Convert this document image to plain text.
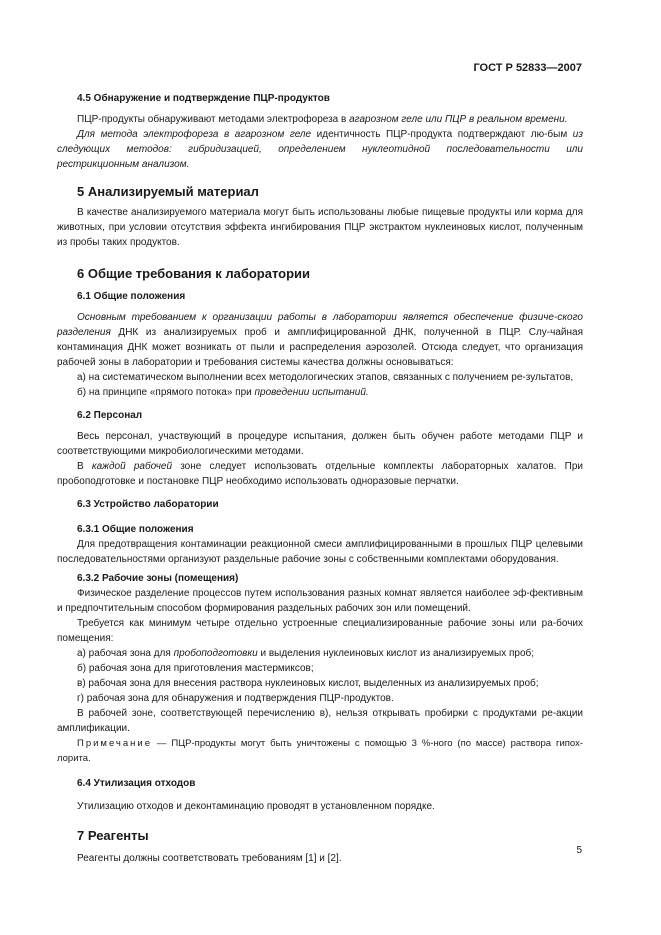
ГОСТ Р 52833—2007
4.5 Обнаружение и подтверждение ПЦР-продуктов

ПЦР-продукты обнаруживают методами электрофореза в агарозном геле или ПЦР в реальном времени.

Для метода электрофореза в агарозном геле идентичность ПЦР-продукта подтверждают лю-бым из следующих методов: гибридизацией, определением нуклеотидной последовательности или рестрикционным анализом.

5 Анализируемый материал

В качестве анализируемого материала могут быть использованы любые пищевые продукты или корма для животных, при условии отсутствия эффекта ингибирования ПЦР экстрактом нуклеиновых кислот, полученным из пробы таких продуктов.

6 Общие требования к лаборатории
6.1 Общие положения

Основным требованием к организации работы в лаборатории является обеспечение физиче-ского разделения ДНК из анализируемых проб и амплифицированной ДНК, полученной в ПЦР. Слу-чайная контаминация ДНК может возникать от пыли и распределения аэрозолей. Отсюда следует, что организация рабочей зоны в лаборатории и требования системы качества должны основываться:

а) на систематическом выполнении всех методологических этапов, связанных с получением ре-зультатов,

б) на принципе «прямого потока» при проведении испытаний.

6.2 Персонал

Весь персонал, участвующий в процедуре испытания, должен быть обучен работе методами ПЦР и соответствующими микробиологическими методами.

В каждой рабочей зоне следует использовать отдельные комплекты лабораторных халатов. При пробоподготовке и постановке ПЦР необходимо использовать одноразовые перчатки.

6.3 Устройство лаборатории
6.3.1 Общие положения

Для предотвращения контаминации реакционной смеси амплифицированными в прошлых ПЦР целевыми последовательностями организуют раздельные рабочие зоны с собственными комплектами оборудования.

6.3.2 Рабочие зоны (помещения)

Физическое разделение процессов путем использования разных комнат является наиболее эф-фективным и предпочтительным способом формирования раздельных рабочих зон или помещений.

Требуется как минимум четыре отдельно устроенные специализированные рабочие зоны или ра-бочих помещения:

а) рабочая зона для пробоподготовки и выделения нуклеиновых кислот из анализируемых проб;

б) рабочая зона для приготовления мастермиксов;

в) рабочая зона для внесения раствора нуклеиновых кислот, выделенных из анализируемых проб;

г) рабочая зона для обнаружения и подтверждения ПЦР-продуктов.

В рабочей зоне, соответствующей перечислению в), нельзя открывать пробирки с продуктами ре-акции амплификации.

Примечание — ПЦР-продукты могут быть уничтожены с помощью 3 %-ного (по массе) раствора гипох-лорита.

6.4 Утилизация отходов

Утилизацию отходов и деконтаминацию проводят в установленном порядке.

7 Реагенты

Реагенты должны соответствовать требованиям [1] и [2].

5
